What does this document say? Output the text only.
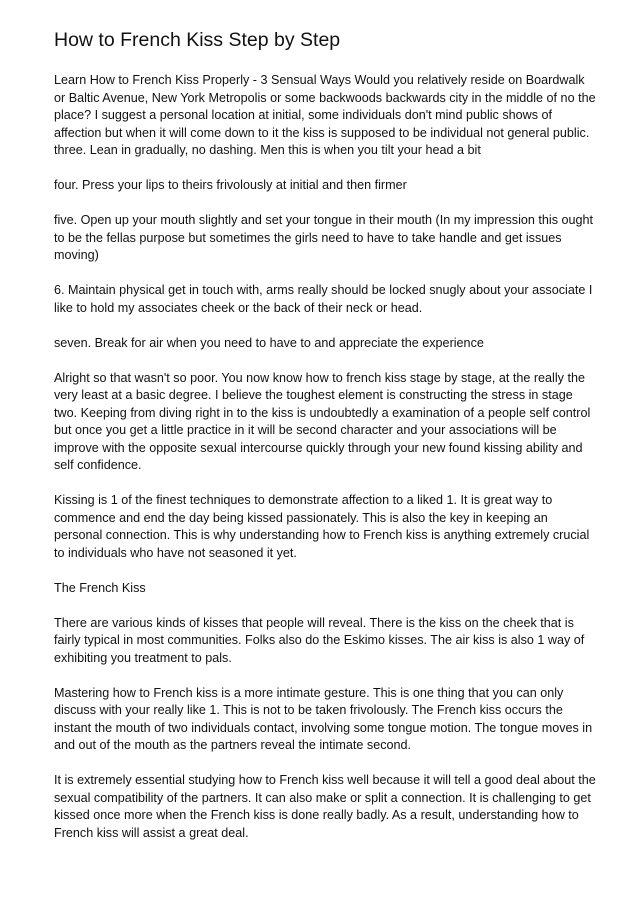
How to French Kiss Step by Step

Learn How to French Kiss Properly - 3 Sensual Ways Would you relatively reside on Boardwalk or Baltic Avenue, New York Metropolis or some backwoods backwards city in the middle of no the place? I suggest a personal location at initial, some individuals don't mind public shows of affection but when it will come down to it the kiss is supposed to be individual not general public. three. Lean in gradually, no dashing. Men this is when you tilt your head a bit

four. Press your lips to theirs frivolously at initial and then firmer

five. Open up your mouth slightly and set your tongue in their mouth (In my impression this ought to be the fellas purpose but sometimes the girls need to have to take handle and get issues moving)

6. Maintain physical get in touch with, arms really should be locked snugly about your associate I like to hold my associates cheek or the back of their neck or head.

seven. Break for air when you need to have to and appreciate the experience

Alright so that wasn't so poor. You now know how to french kiss stage by stage, at the really the very least at a basic degree. I believe the toughest element is constructing the stress in stage two. Keeping from diving right in to the kiss is undoubtedly a examination of a people self control but once you get a little practice in it will be second character and your associations will be improve with the opposite sexual intercourse quickly through your new found kissing ability and self confidence.

Kissing is 1 of the finest techniques to demonstrate affection to a liked 1. It is great way to commence and end the day being kissed passionately. This is also the key in keeping an personal connection. This is why understanding how to French kiss is anything extremely crucial to individuals who have not seasoned it yet.

The French Kiss

There are various kinds of kisses that people will reveal. There is the kiss on the cheek that is fairly typical in most communities. Folks also do the Eskimo kisses. The air kiss is also 1 way of exhibiting you treatment to pals.

Mastering how to French kiss is a more intimate gesture. This is one thing that you can only discuss with your really like 1. This is not to be taken frivolously. The French kiss occurs the instant the mouth of two individuals contact, involving some tongue motion. The tongue moves in and out of the mouth as the partners reveal the intimate second.

It is extremely essential studying how to French kiss well because it will tell a good deal about the sexual compatibility of the partners. It can also make or split a connection. It is challenging to get kissed once more when the French kiss is done really badly. As a result, understanding how to French kiss will assist a great deal.
